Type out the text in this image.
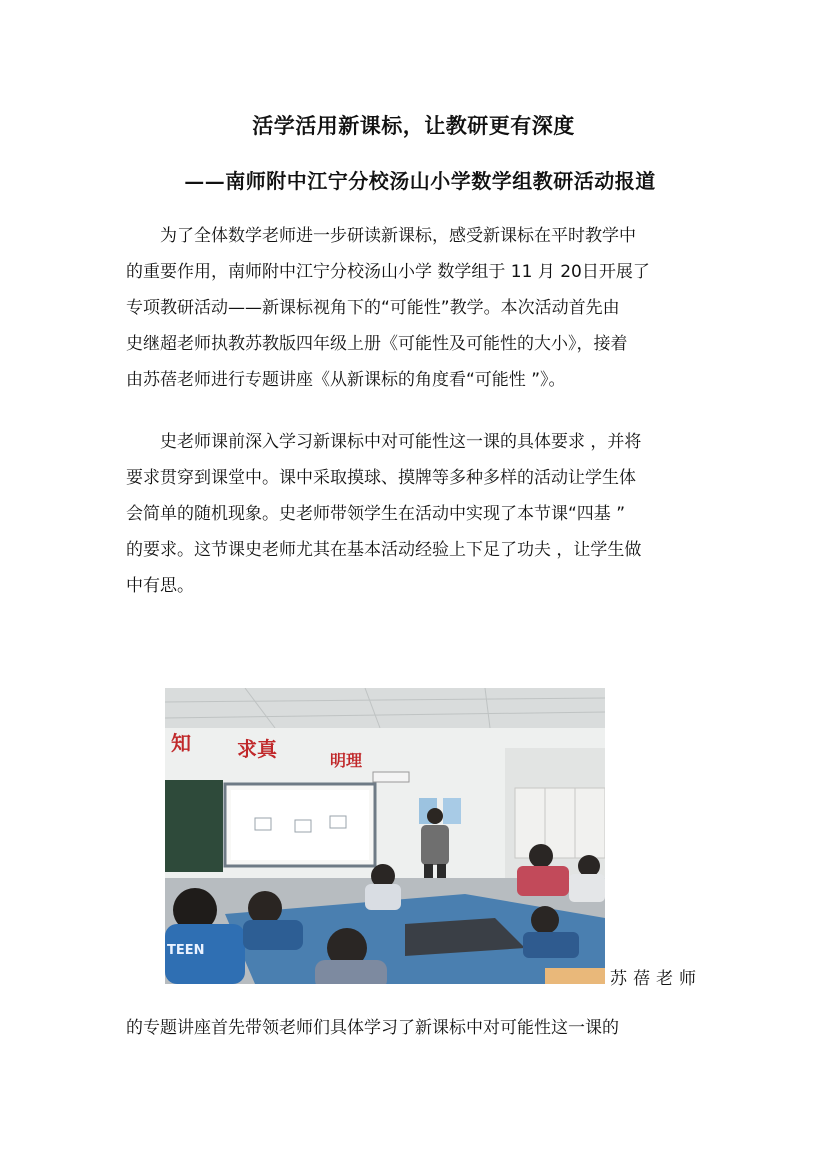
活学活用新课标，让教研更有深度
——南师附中江宁分校汤山小学数学组教研活动报道
为了全体数学老师进一步研读新课标，感受新课标在平时教学中
的重要作用，南师附中江宁分校汤山小学 数学组于 11 月 20日开展了
专项教研活动——新课标视角下的“可能性”教学。本次活动首先由
史继超老师执教苏教版四年级上册《可能性及可能性的大小》，接着
由苏蓓老师进行专题讲座《从新课标的角度看“可能性 ”》。
史老师课前深入学习新课标中对可能性这一课的具体要求 ，并将
要求贯穿到课堂中。课中采取摸球、摸牌等多种多样的活动让学生体
会简单的随机现象。史老师带领学生在活动中实现了本节课“四基 ”
的要求。这节课史老师尤其在基本活动经验上下足了功夫 ，让学生做
中有思。
知 求真	明理
TEEN
苏蓓老师
的专题讲座首先带领老师们具体学习了新课标中对可能性这一课的
